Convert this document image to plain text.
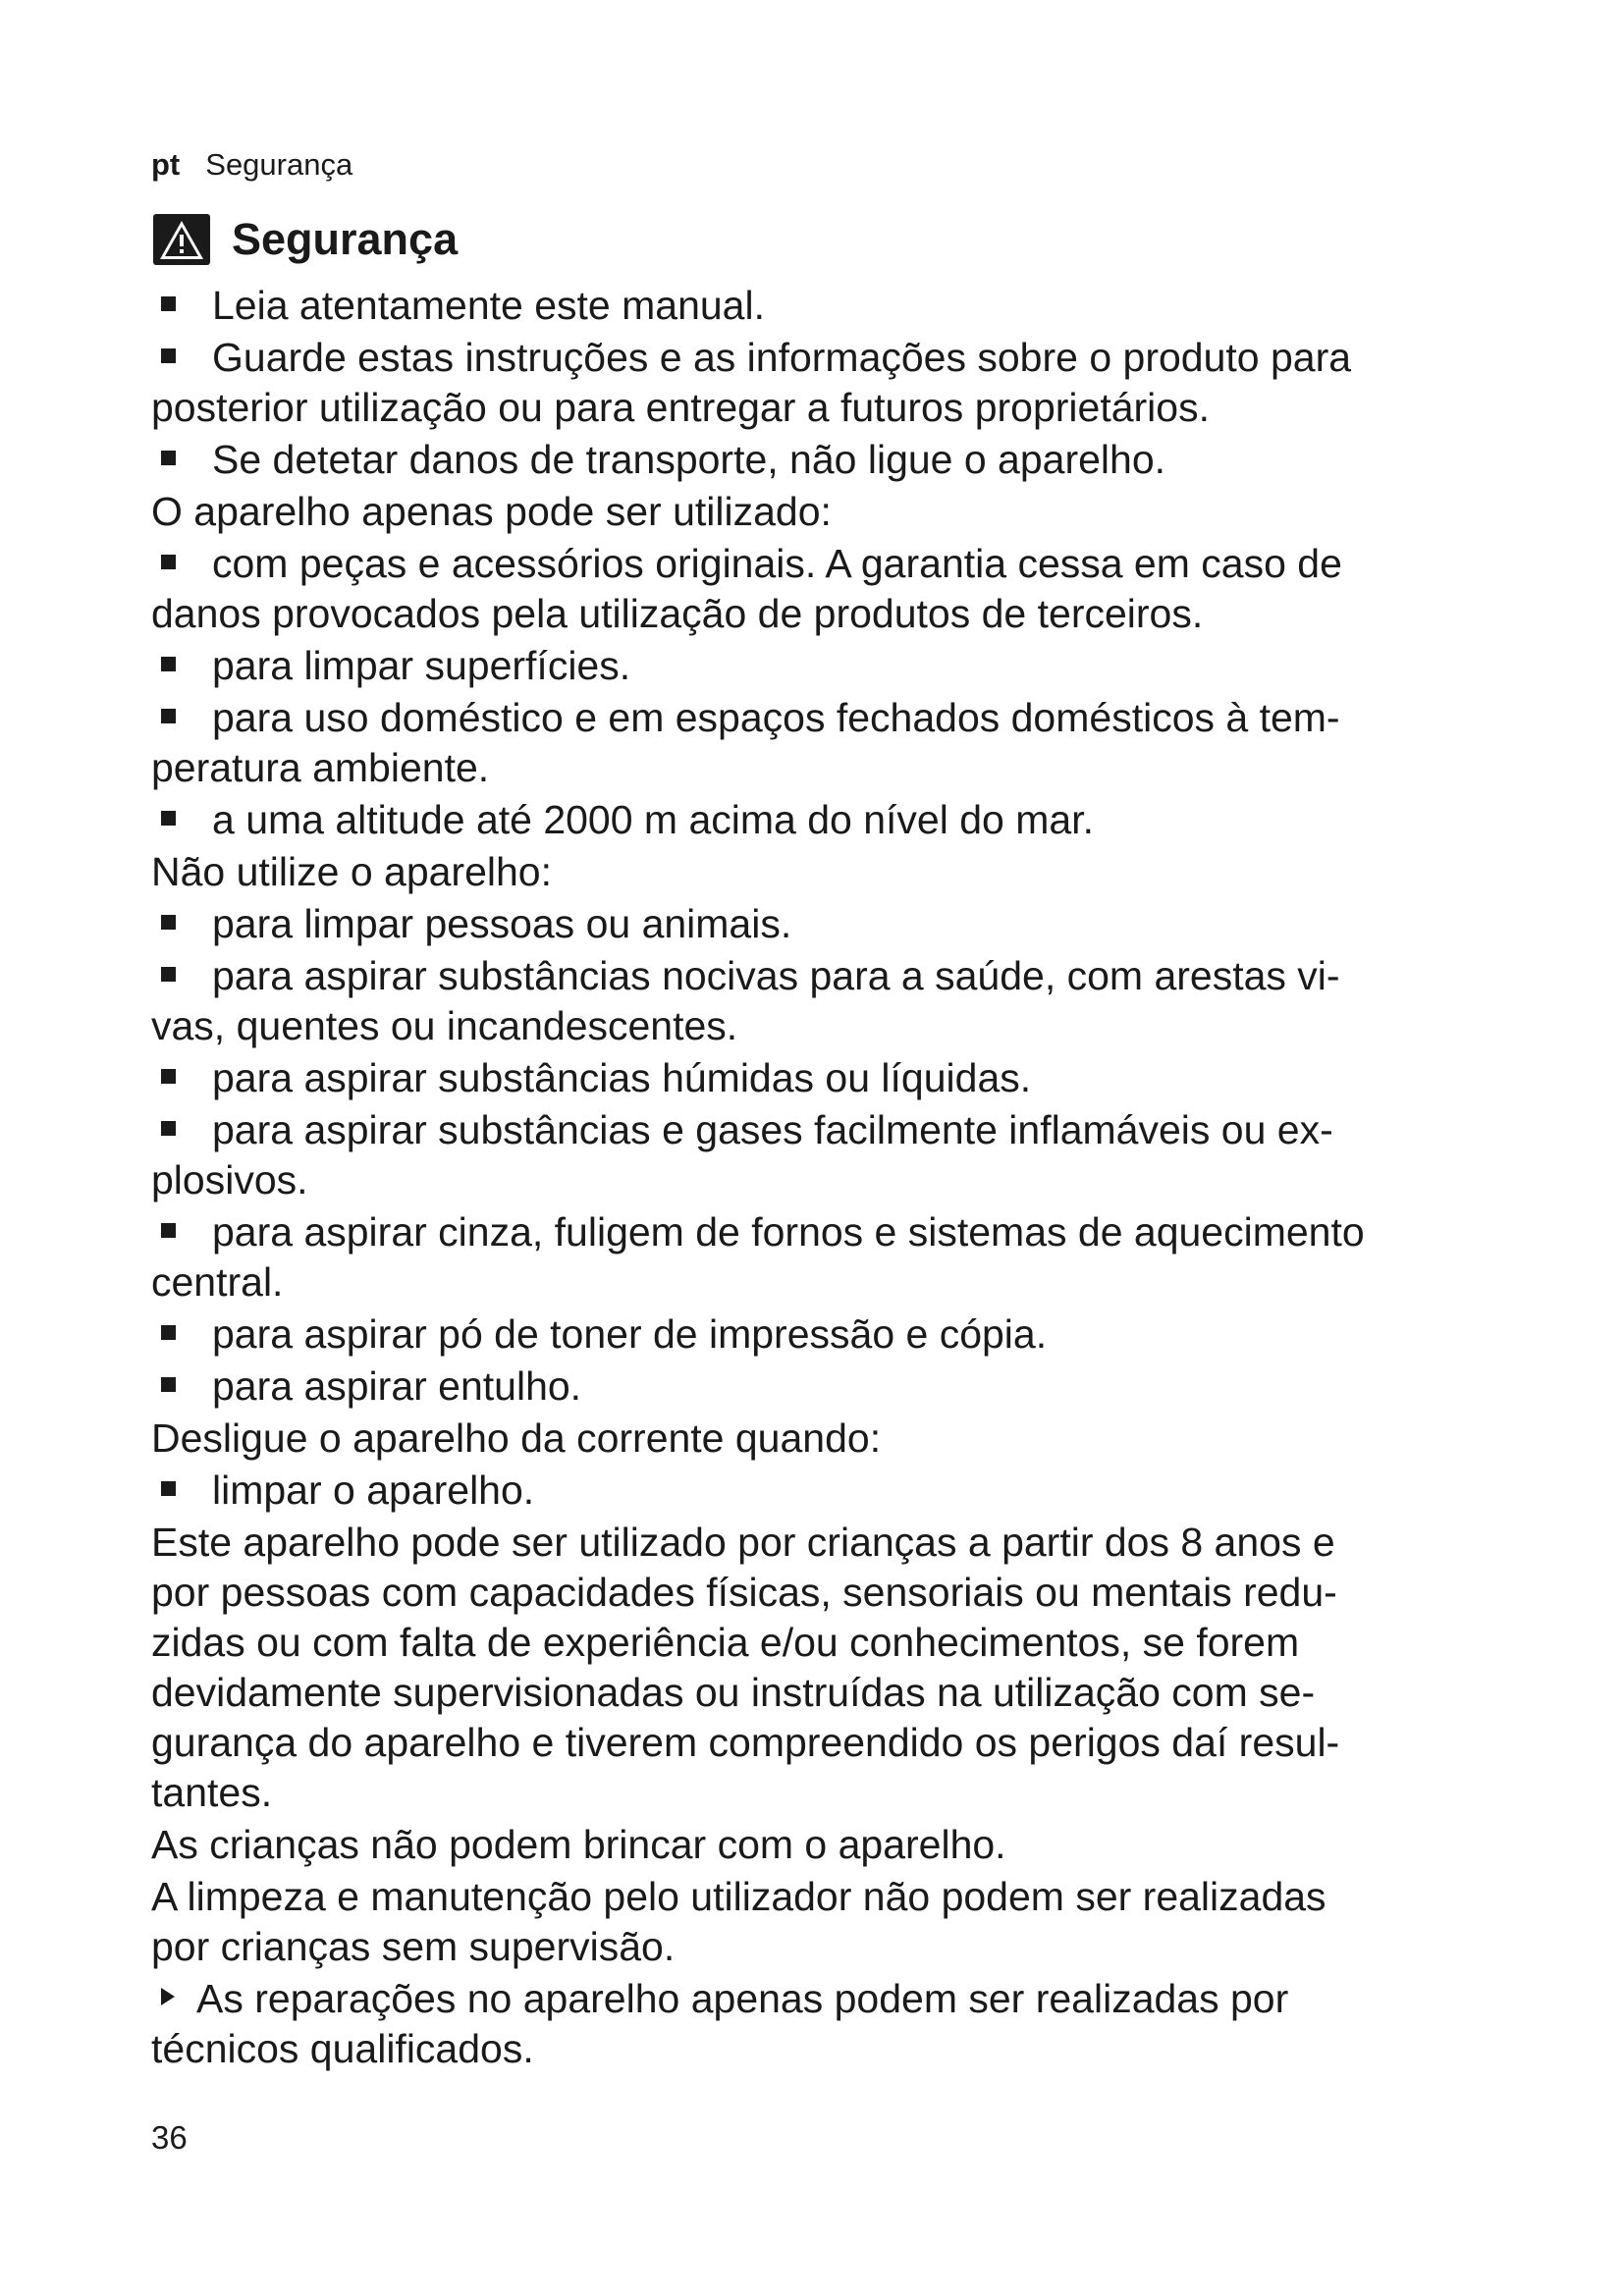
pt Segurança
Segurança
Leia atentamente este manual.
Guarde estas instruções e as informações sobre o produto para
posterior utilização ou para entregar a futuros proprietários.
Se detetar danos de transporte, não ligue o aparelho.
O aparelho apenas pode ser utilizado:
com peças e acessórios originais. A garantia cessa em caso de
danos provocados pela utilização de produtos de terceiros.
para limpar superfícies.
para uso doméstico e em espaços fechados domésticos à tem-
peratura ambiente.
a uma altitude até 2000 m acima do nível do mar.
Não utilize o aparelho:
para limpar pessoas ou animais.
para aspirar substâncias nocivas para a saúde, com arestas vi-
vas, quentes ou incandescentes.
para aspirar substâncias húmidas ou líquidas.
para aspirar substâncias e gases facilmente inflamáveis ou ex-
plosivos.
para aspirar cinza, fuligem de fornos e sistemas de aquecimento
central.
para aspirar pó de toner de impressão e cópia.
para aspirar entulho.
Desligue o aparelho da corrente quando:
limpar o aparelho.
Este aparelho pode ser utilizado por crianças a partir dos 8 anos e
por pessoas com capacidades físicas, sensoriais ou mentais redu-
zidas ou com falta de experiência e/ou conhecimentos, se forem
devidamente supervisionadas ou instruídas na utilização com se-
gurança do aparelho e tiverem compreendido os perigos daí resul-
tantes.
As crianças não podem brincar com o aparelho.
A limpeza e manutenção pelo utilizador não podem ser realizadas
por crianças sem supervisão.
As reparações no aparelho apenas podem ser realizadas por
técnicos qualificados.
36
